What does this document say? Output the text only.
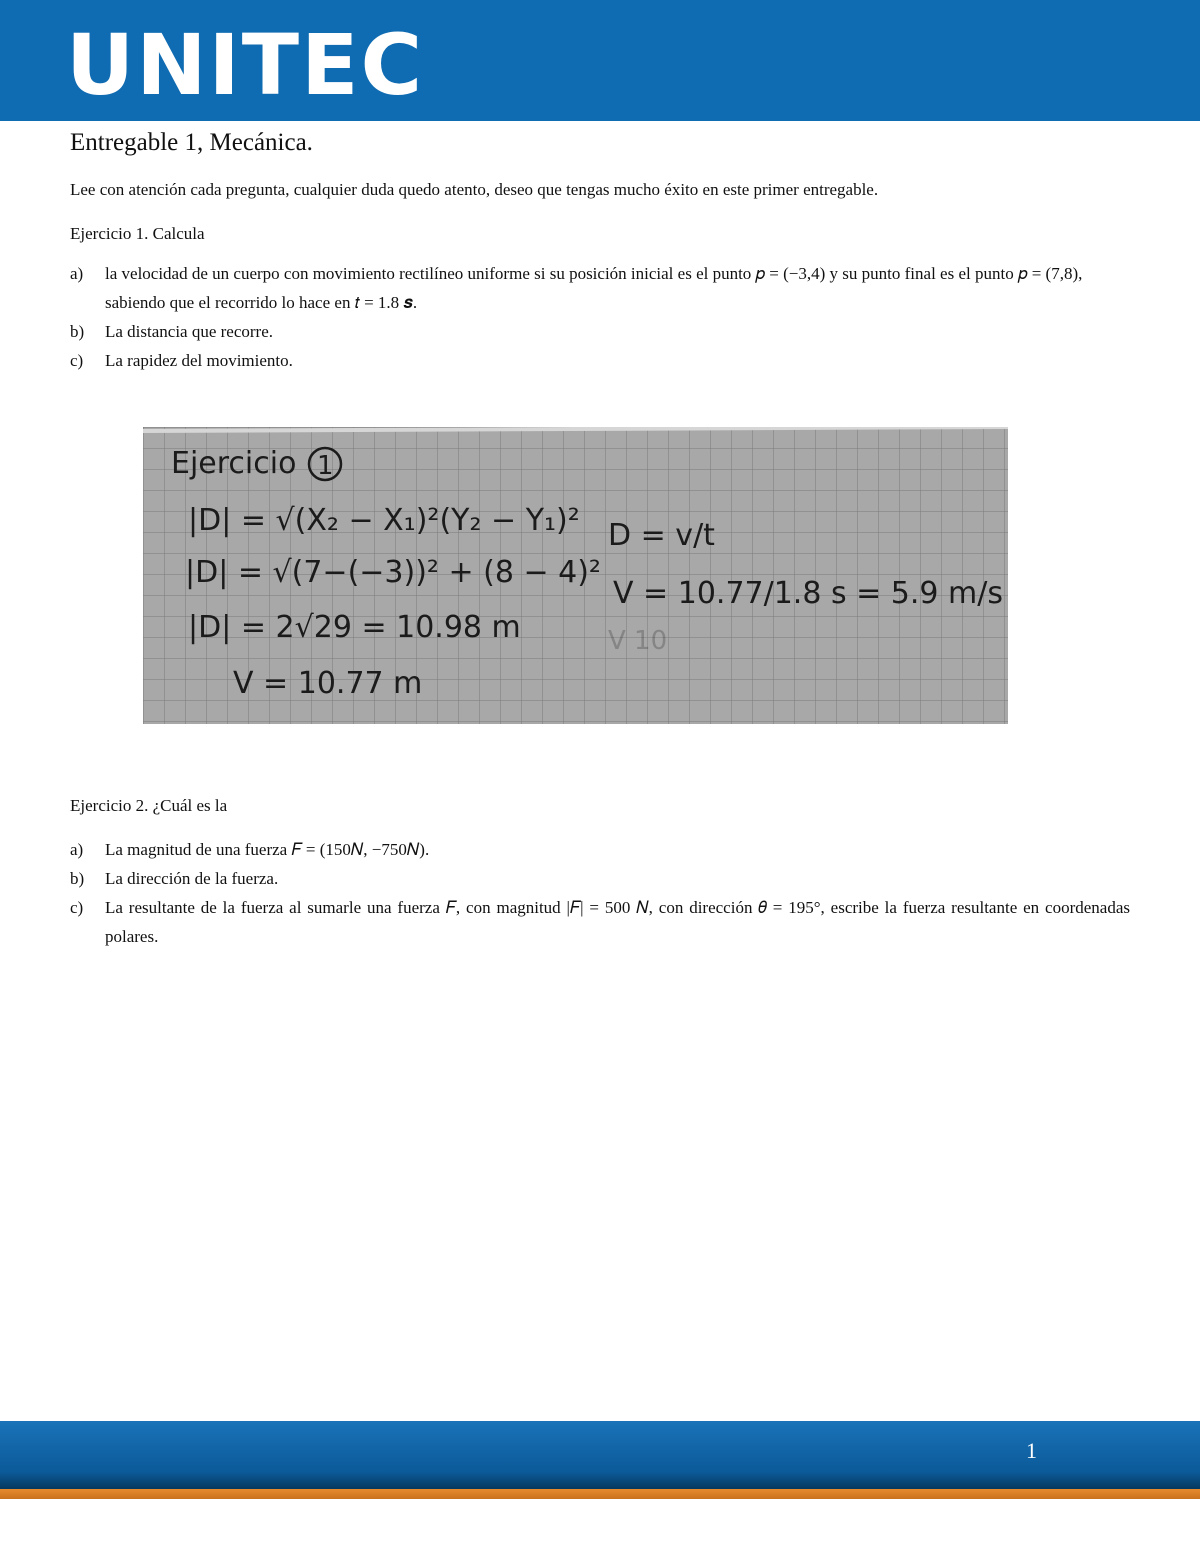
UNITEC
Entregable 1, Mecánica.
Lee con atención cada pregunta, cualquier duda quedo atento, deseo que tengas mucho éxito en este primer entregable.
Ejercicio 1. Calcula
a) la velocidad de un cuerpo con movimiento rectilíneo uniforme si su posición inicial es el punto 𝑝 = (−3,4) y su punto final es el punto 𝑝 = (7,8), sabiendo que el recorrido lo hace en 𝑡 = 1.8 𝒔.
b) La distancia que recorre.
c) La rapidez del movimiento.
Ejercicio 1
|D| = √(X₂ − X₁)²(Y₂ − Y₁)²
|D| = √(7−(−3))² + (8 − 4)²
|D| = 2√29 = 10.98 m
V = 10.77 m
D = v/t
V = 10.77/1.8 s = 5.9 m/s
V 10
Ejercicio 2. ¿Cuál es la
a) La magnitud de una fuerza 𝐹 = (150𝑁, −750𝑁).
b) La dirección de la fuerza.
c) La resultante de la fuerza al sumarle una fuerza 𝐹, con magnitud |𝐹| = 500 𝑁, con dirección 𝜃 = 195°, escribe la fuerza resultante en coordenadas polares.
1
